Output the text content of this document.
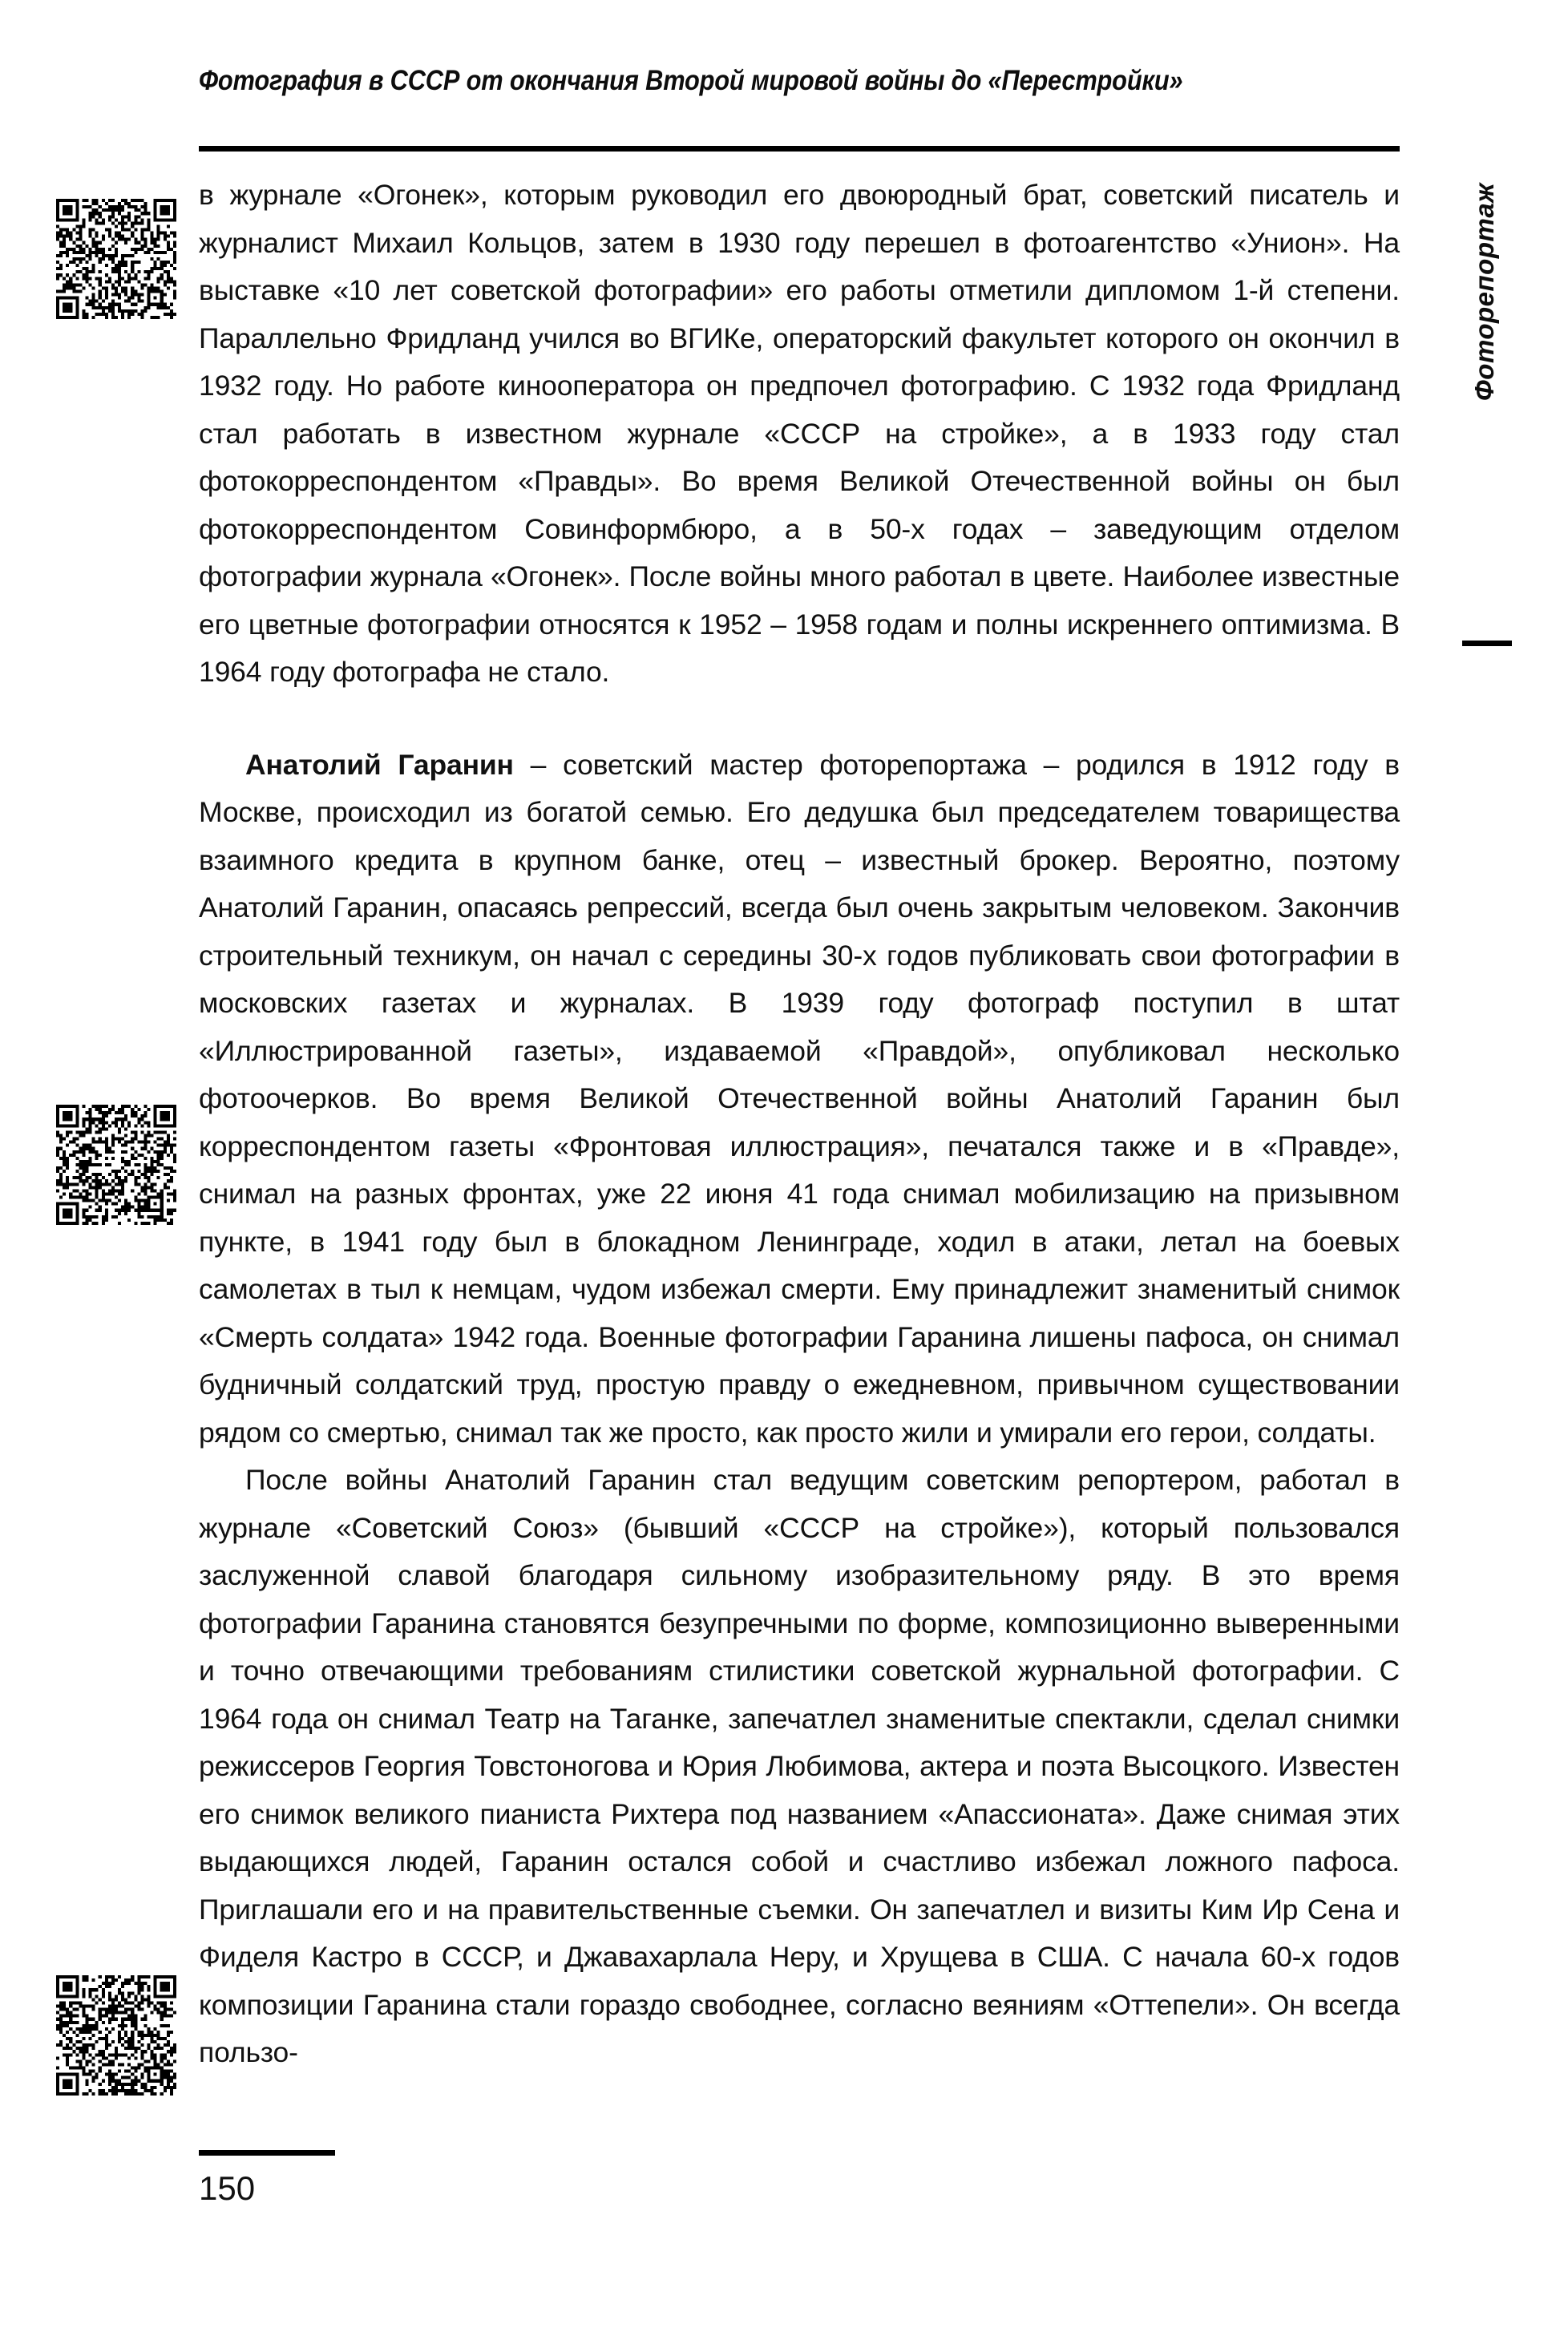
Фотография в СССР от окончания Второй мировой войны до «Перестройки»
Фоторепортаж

в журнале «Огонек», которым руководил его двоюродный брат, советский писатель и журналист Михаил Кольцов, затем в 1930 году перешел в фотоагентство «Унион». На выставке «10 лет советской фотографии» его работы отметили дипломом 1-й степени. Параллельно Фридланд учился во ВГИКе, операторский факультет которого он окончил в 1932 году. Но работе кинооператора он предпочел фотографию. С 1932 года Фридланд стал работать в известном журнале «СССР на стройке», а в 1933 году стал фотокорреспондентом «Правды». Во время Великой Отечественной войны он был фотокорреспондентом Совинформбюро, а в 50-х годах – заведующим отделом фотографии журнала «Огонек». После войны много работал в цвете. Наиболее известные его цветные фотографии относятся к 1952 – 1958 годам и полны искреннего оптимизма. В 1964 году фотографа не стало.

Анатолий Гаранин – советский мастер фоторепортажа – родился в 1912 году в Москве, происходил из богатой семью. Его дедушка был председателем товарищества взаимного кредита в крупном банке, отец – известный брокер. Вероятно, поэтому Анатолий Гаранин, опасаясь репрессий, всегда был очень закрытым человеком. Закончив строительный техникум, он начал с середины 30-х годов публиковать свои фотографии в московских газетах и журналах. В 1939 году фотограф поступил в штат «Иллюстрированной газеты», издаваемой «Правдой», опубликовал несколько фотоочерков. Во время Великой Отечественной войны Анатолий Гаранин был корреспондентом газеты «Фронтовая иллюстрация», печатался также и в «Правде», снимал на разных фронтах, уже 22 июня 41 года снимал мобилизацию на призывном пункте, в 1941 году был в блокадном Ленинграде, ходил в атаки, летал на боевых самолетах в тыл к немцам, чудом избежал смерти. Ему принадлежит знаменитый снимок «Смерть солдата» 1942 года. Военные фотографии Гаранина лишены пафоса, он снимал будничный солдатский труд, простую правду о ежедневном, привычном существовании рядом со смертью, снимал так же просто, как просто жили и умирали его герои, солдаты.

После войны Анатолий Гаранин стал ведущим советским репортером, работал в журнале «Советский Союз» (бывший «СССР на стройке»), который пользовался заслуженной славой благодаря сильному изобразительному ряду. В это время фотографии Гаранина становятся безупречными по форме, композиционно выверенными и точно отвечающими требованиям стилистики советской журнальной фотографии. С 1964 года он снимал Театр на Таганке, запечатлел знаменитые спектакли, сделал снимки режиссеров Георгия Товстоногова и Юрия Любимова, актера и поэта Высоцкого. Известен его снимок великого пианиста Рихтера под названием «Апассионата». Даже снимая этих выдающихся людей, Гаранин остался собой и счастливо избежал ложного пафоса. Приглашали его и на правительственные съемки. Он запечатлел и визиты Ким Ир Сена и Фиделя Кастро в СССР, и Джавахарлала Неру, и Хрущева в США. С начала 60-х годов композиции Гаранина стали гораздо свободнее, согласно веяниям «Оттепели». Он всегда пользо-

150
